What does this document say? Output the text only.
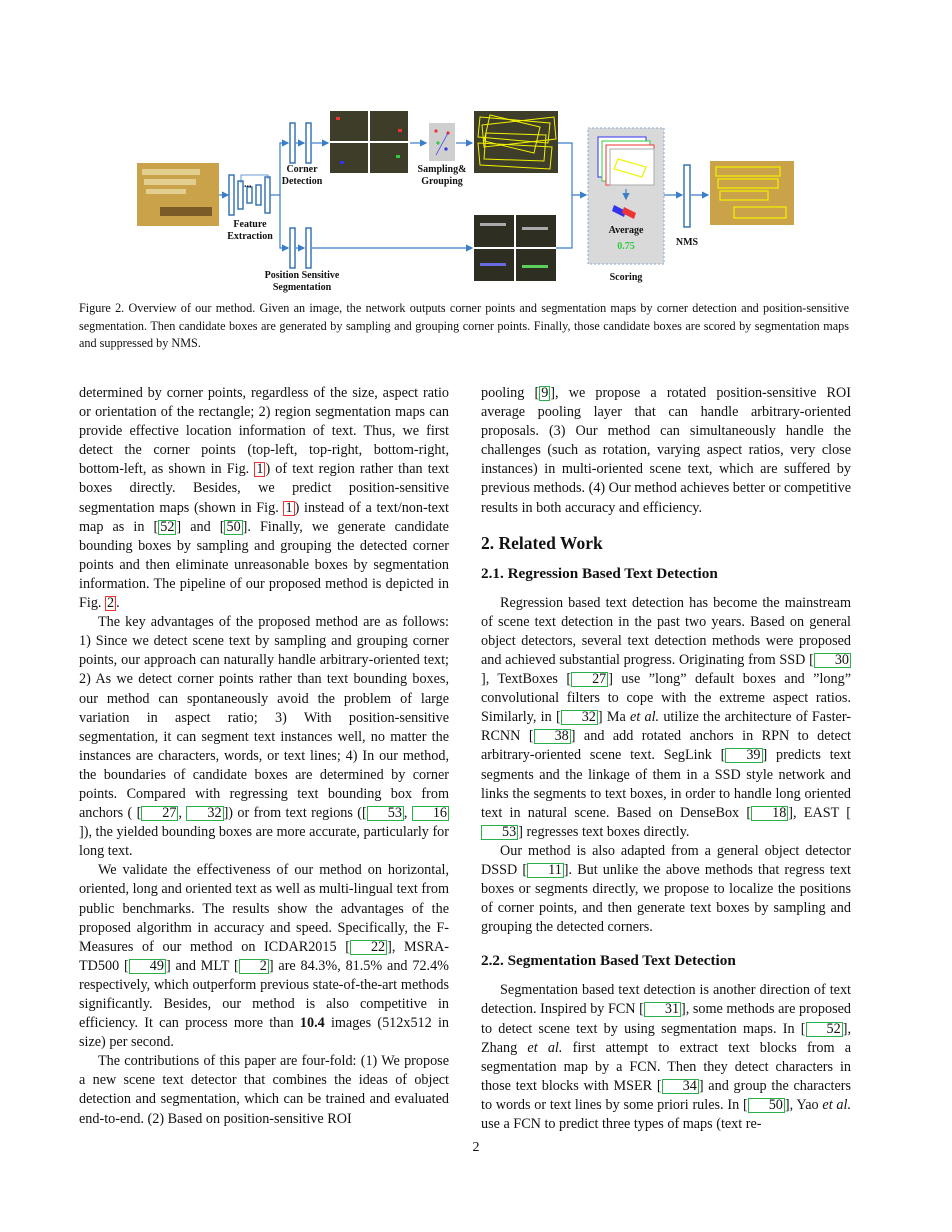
...
Feature
Extraction
Corner
Detection
Sampling&
Grouping
Position Sensitive
Segmentation
Average
0.75
Scoring
NMS
Figure 2. Overview of our method. Given an image, the network outputs corner points and segmentation maps by corner detection and position-sensitive segmentation. Then candidate boxes are generated by sampling and grouping corner points. Finally, those candidate boxes are scored by segmentation maps and suppressed by NMS.

determined by corner points, regardless of the size, aspect ratio or orientation of the rectangle; 2) region segmentation maps can provide effective location information of text. Thus, we first detect the corner points (top-left, top-right, bottom-right, bottom-left, as shown in Fig. 1 ) of text region rather than text boxes directly. Besides, we predict position-sensitive segmentation maps (shown in Fig. 1 ) instead of a text/non-text map as in [ 52 ] and [ 50 ]. Finally, we generate candidate bounding boxes by sampling and grouping the detected corner points and then eliminate unreasonable boxes by segmentation information. The pipeline of our proposed method is depicted in Fig. 2 .

The key advantages of the proposed method are as follows: 1) Since we detect scene text by sampling and grouping corner points, our approach can naturally handle arbitrary-oriented text; 2) As we detect corner points rather than text bounding boxes, our method can spontaneously avoid the problem of large variation in aspect ratio; 3) With position-sensitive segmentation, it can segment text instances well, no matter the instances are characters, words, or text lines; 4) In our method, the boundaries of candidate boxes are determined by corner points. Compared with regressing text bounding box from anchors ( [ 27 , 32 ]) or from text regions ([ 53 , 16]), the yielded bounding boxes are more accurate, particularly for long text.

We validate the effectiveness of our method on horizontal, oriented, long and oriented text as well as multi-lingual text from public benchmarks. The results show the advantages of the proposed algorithm in accuracy and speed. Specifically, the F-Measures of our method on ICDAR2015 [ 22 ], MSRA-TD500 [ 49 ] and MLT [ 2 ] are 84.3%, 81.5% and 72.4% respectively, which outperform previous state-of-the-art methods significantly. Besides, our method is also competitive in efficiency. It can process more than 10.4 images (512x512 in size) per second.

The contributions of this paper are four-fold: (1) We propose a new scene text detector that combines the ideas of object detection and segmentation, which can be trained and evaluated end-to-end. (2) Based on position-sensitive ROI

pooling [ 9 ], we propose a rotated position-sensitive ROI average pooling layer that can handle arbitrary-oriented proposals. (3) Our method can simultaneously handle the challenges (such as rotation, varying aspect ratios, very close instances) in multi-oriented scene text, which are suffered by previous methods. (4) Our method achieves better or competitive results in both accuracy and efficiency.

2. Related Work
2.1. Regression Based Text Detection

Regression based text detection has become the mainstream of scene text detection in the past two years. Based on general object detectors, several text detection methods were proposed and achieved substantial progress. Originating from SSD [ 30], TextBoxes [ 27 ] use ”long” default boxes and ”long” convolutional filters to cope with the extreme aspect ratios. Similarly, in [ 32 ] Ma et al. utilize the architecture of Faster-RCNN [ 38 ] and add rotated anchors in RPN to detect arbitrary-oriented scene text. SegLink [ 39 ] predicts text segments and the linkage of them in a SSD style network and links the segments to text boxes, in order to handle long oriented text in natural scene. Based on DenseBox [ 18 ], EAST [53 ] regresses text boxes directly.

Our method is also adapted from a general object detector DSSD [ 11 ]. But unlike the above methods that regress text boxes or segments directly, we propose to localize the positions of corner points, and then generate text boxes by sampling and grouping the detected corners.

2.2. Segmentation Based Text Detection

Segmentation based text detection is another direction of text detection. Inspired by FCN [ 31 ], some methods are proposed to detect scene text by using segmentation maps. In [ 52 ], Zhang et al. first attempt to extract text blocks from a segmentation map by a FCN. Then they detect characters in those text blocks with MSER [ 34 ] and group the characters to words or text lines by some priori rules. In [ 50 ], Yao et al. use a FCN to predict three types of maps (text re-

2
